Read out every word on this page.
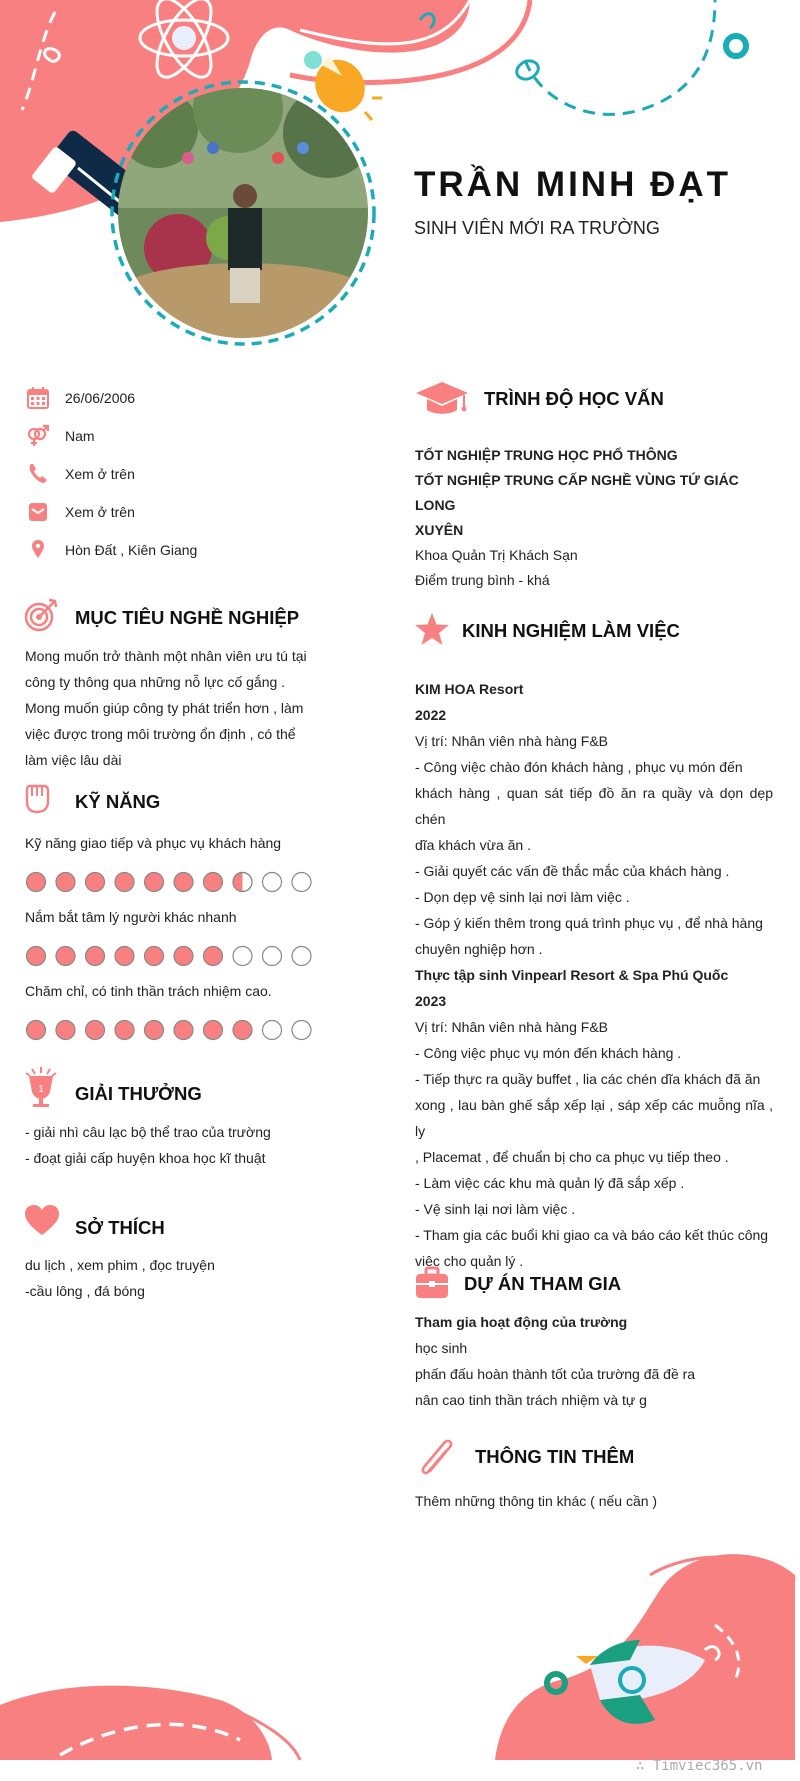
TRẦN MINH ĐẠT
SINH VIÊN MỚI RA TRƯỜNG
26/06/2006
Nam
Xem ở trên
Xem ở trên
Hòn Đất , Kiên Giang
MỤC TIÊU NGHỀ NGHIỆP
Mong muốn trở thành một nhân viên ưu tú tại
công ty thông qua những nỗ lực cố gắng .
Mong muốn giúp công ty phát triển hơn , làm
việc được trong môi trường ổn định , có thể
làm việc lâu dài
KỸ NĂNG
Kỹ năng giao tiếp và phục vụ khách hàng
Nắm bắt tâm lý người khác nhanh
Chăm chỉ, có tinh thần trách nhiệm cao.
1 GIẢI THƯỞNG
- giải nhì câu lạc bộ thể trao của trường
- đoạt giải cấp huyện khoa học kĩ thuật
SỞ THÍCH
du lịch , xem phim , đọc truyện
-cầu lông , đá bóng
TRÌNH ĐỘ HỌC VẤN
TỐT NGHIỆP TRUNG HỌC PHỔ THÔNG
TỐT NGHIỆP TRUNG CẤP NGHỀ VÙNG TỨ GIÁC LONG
XUYÊN
Khoa Quản Trị Khách Sạn
Điểm trung bình - khá
KINH NGHIỆM LÀM VIỆC
KIM HOA Resort
2022
Vị trí: Nhân viên nhà hàng F&B
- Công việc chào đón khách hàng , phục vụ món đến
khách hàng , quan sát tiếp đồ ăn ra quầy và dọn dẹp chén
dĩa khách vừa ăn .
- Giải quyết các vấn đề thắc mắc của khách hàng .
- Dọn dẹp vệ sinh lại nơi làm việc .
- Góp ý kiến thêm trong quá trình phục vụ , để nhà hàng
chuyên nghiệp hơn .
Thực tập sinh Vinpearl Resort & Spa Phú Quốc
2023
Vị trí: Nhân viên nhà hàng F&B
- Công việc phục vụ món đến khách hàng .
- Tiếp thực ra quầy buffet , lia các chén dĩa khách đã ăn
xong , lau bàn ghế sắp xếp lại , sáp xếp các muỗng nĩa , ly
, Placemat , để chuẩn bị cho ca phục vụ tiếp theo .
- Làm việc các khu mà quản lý đã sắp xếp .
- Vệ sinh lại nơi làm việc .
- Tham gia các buổi khi giao ca và báo cáo kết thúc công
việc cho quản lý .
DỰ ÁN THAM GIA
Tham gia hoạt động của trường
học sinh
phấn đấu hoàn thành tốt của trường đã đề ra
nân cao tinh thần trách nhiệm và tự g
THÔNG TIN THÊM
Thêm những thông tin khác ( nếu cần )
∴ Timviec365.vn
